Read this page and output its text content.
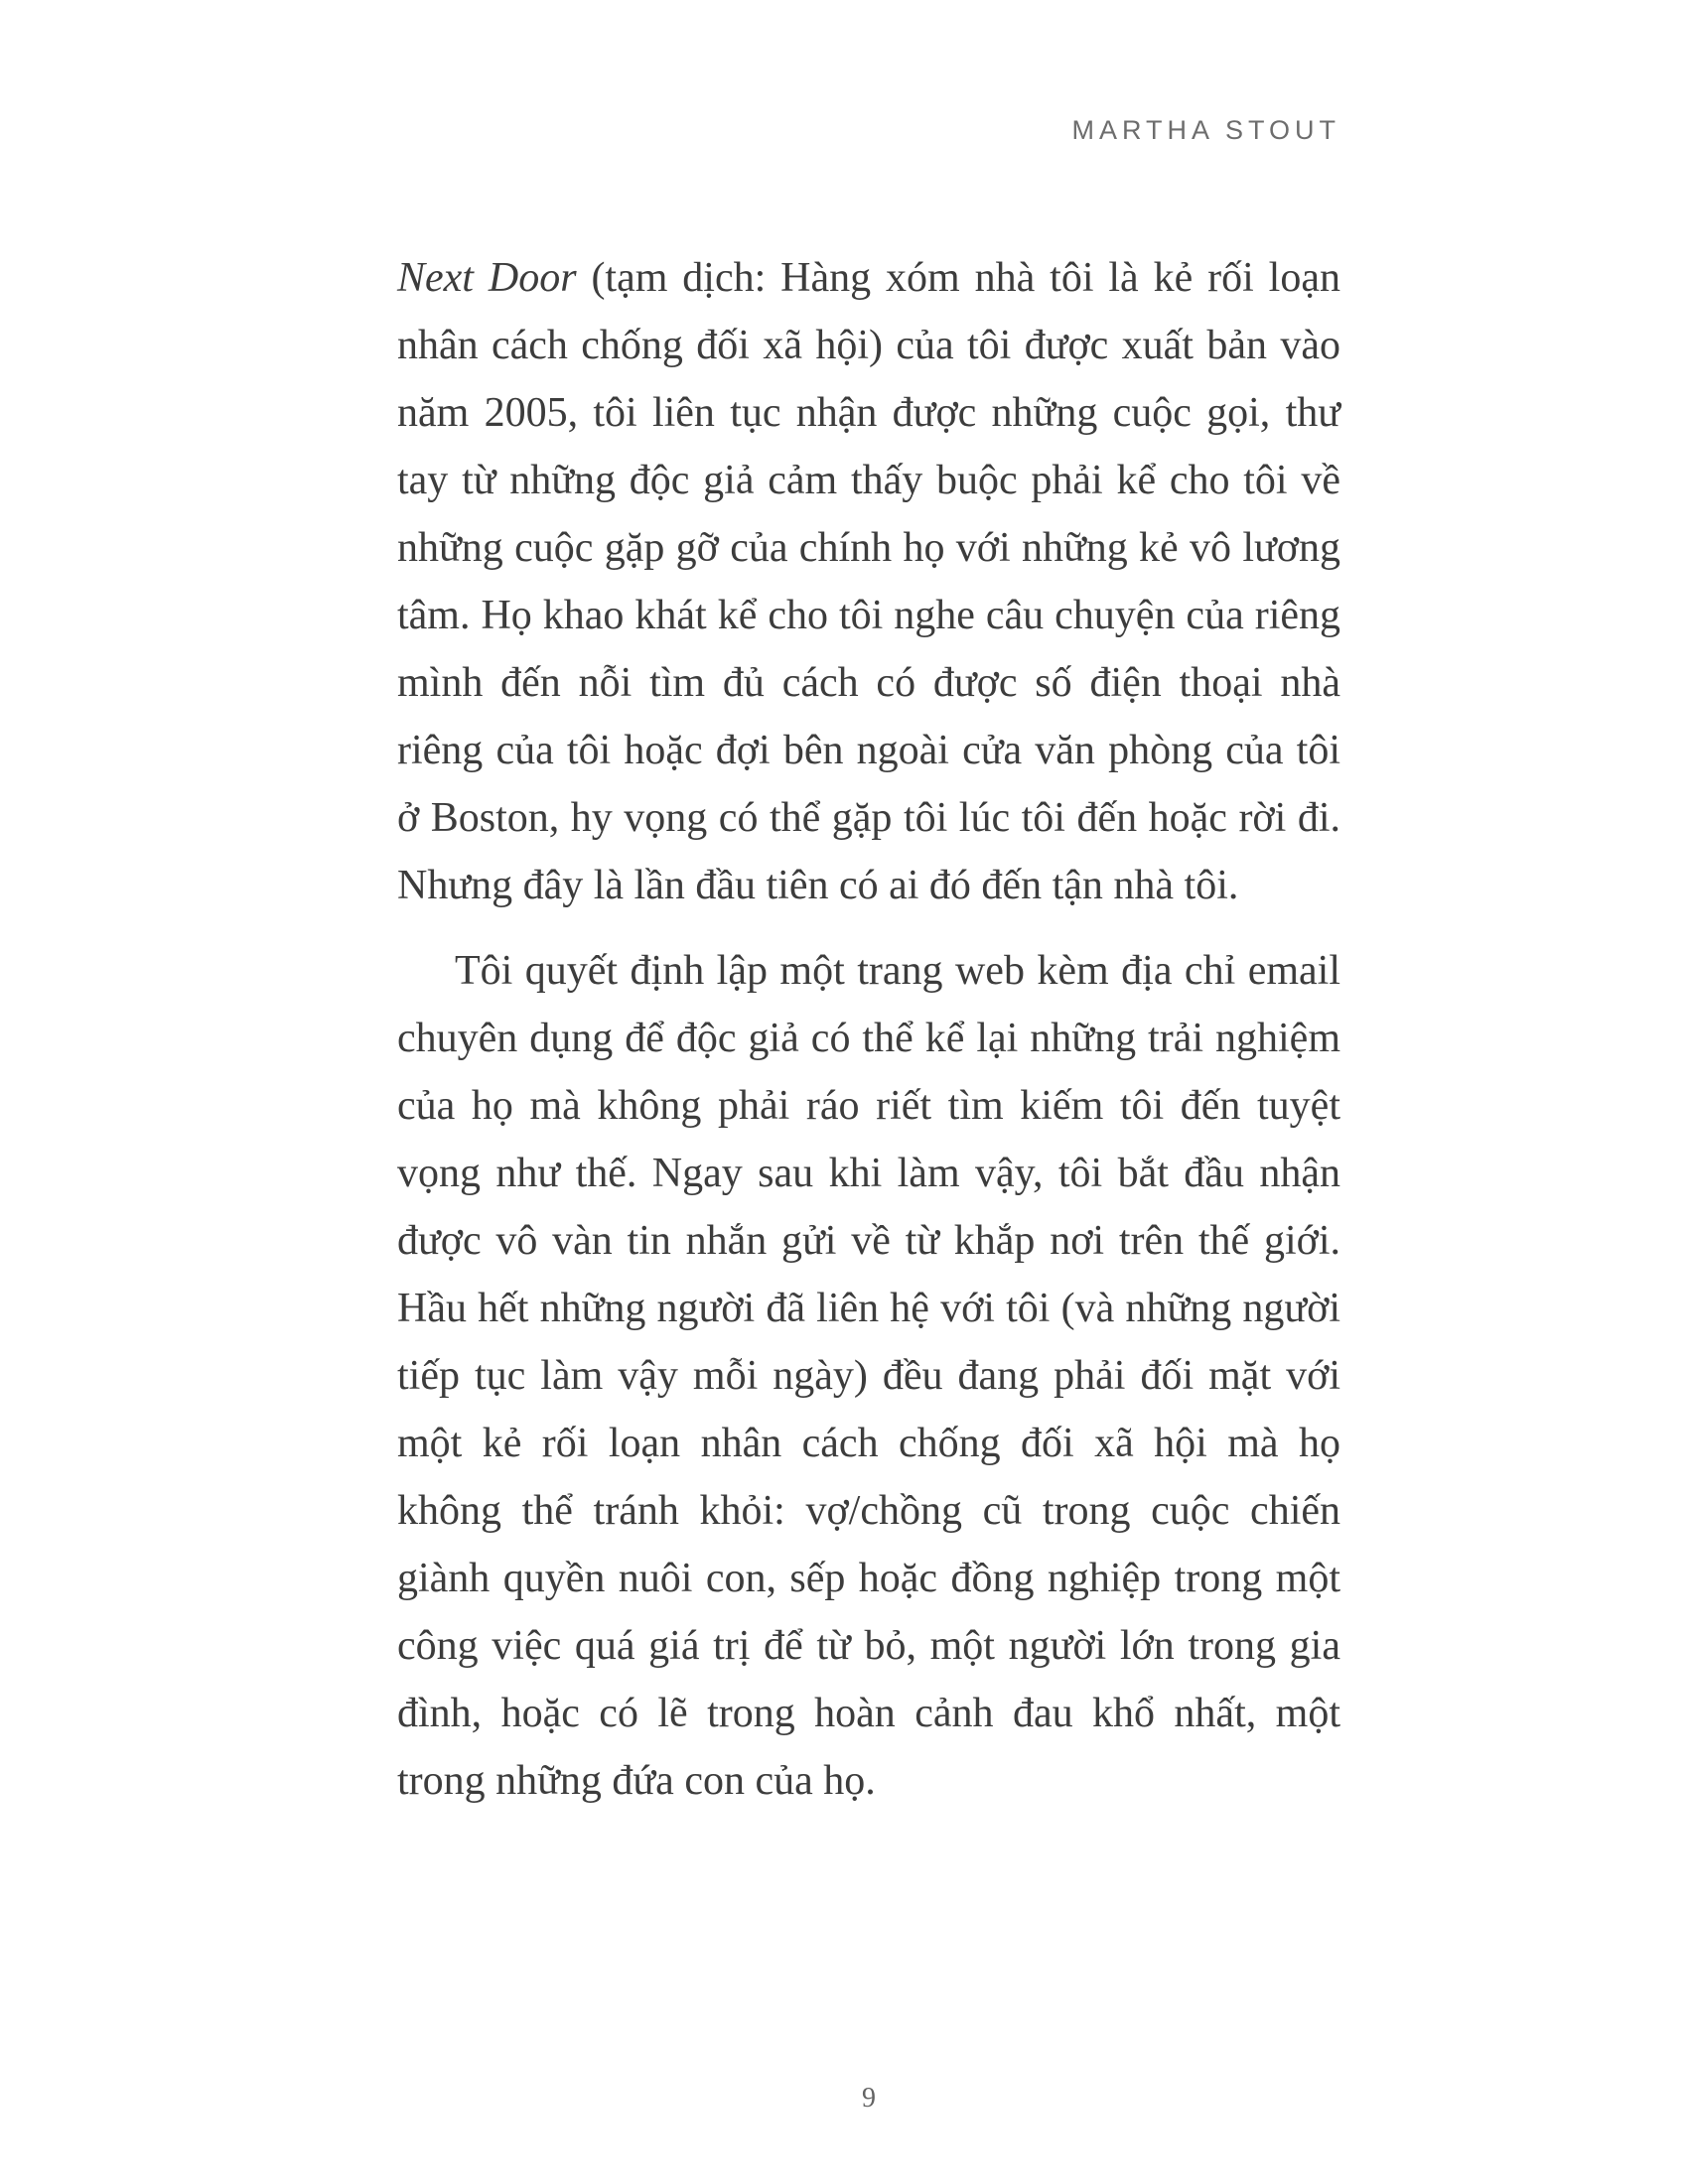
MARTHA STOUT

Next Door (tạm dịch: Hàng xóm nhà tôi là kẻ rối loạn nhân cách chống đối xã hội) của tôi được xuất bản vào năm 2005, tôi liên tục nhận được những cuộc gọi, thư tay từ những độc giả cảm thấy buộc phải kể cho tôi về những cuộc gặp gỡ của chính họ với những kẻ vô lương tâm. Họ khao khát kể cho tôi nghe câu chuyện của riêng mình đến nỗi tìm đủ cách có được số điện thoại nhà riêng của tôi hoặc đợi bên ngoài cửa văn phòng của tôi ở Boston, hy vọng có thể gặp tôi lúc tôi đến hoặc rời đi. Nhưng đây là lần đầu tiên có ai đó đến tận nhà tôi.

Tôi quyết định lập một trang web kèm địa chỉ email chuyên dụng để độc giả có thể kể lại những trải nghiệm của họ mà không phải ráo riết tìm kiếm tôi đến tuyệt vọng như thế. Ngay sau khi làm vậy, tôi bắt đầu nhận được vô vàn tin nhắn gửi về từ khắp nơi trên thế giới. Hầu hết những người đã liên hệ với tôi (và những người tiếp tục làm vậy mỗi ngày) đều đang phải đối mặt với một kẻ rối loạn nhân cách chống đối xã hội mà họ không thể tránh khỏi: vợ/chồng cũ trong cuộc chiến giành quyền nuôi con, sếp hoặc đồng nghiệp trong một công việc quá giá trị để từ bỏ, một người lớn trong gia đình, hoặc có lẽ trong hoàn cảnh đau khổ nhất, một trong những đứa con của họ.

9
